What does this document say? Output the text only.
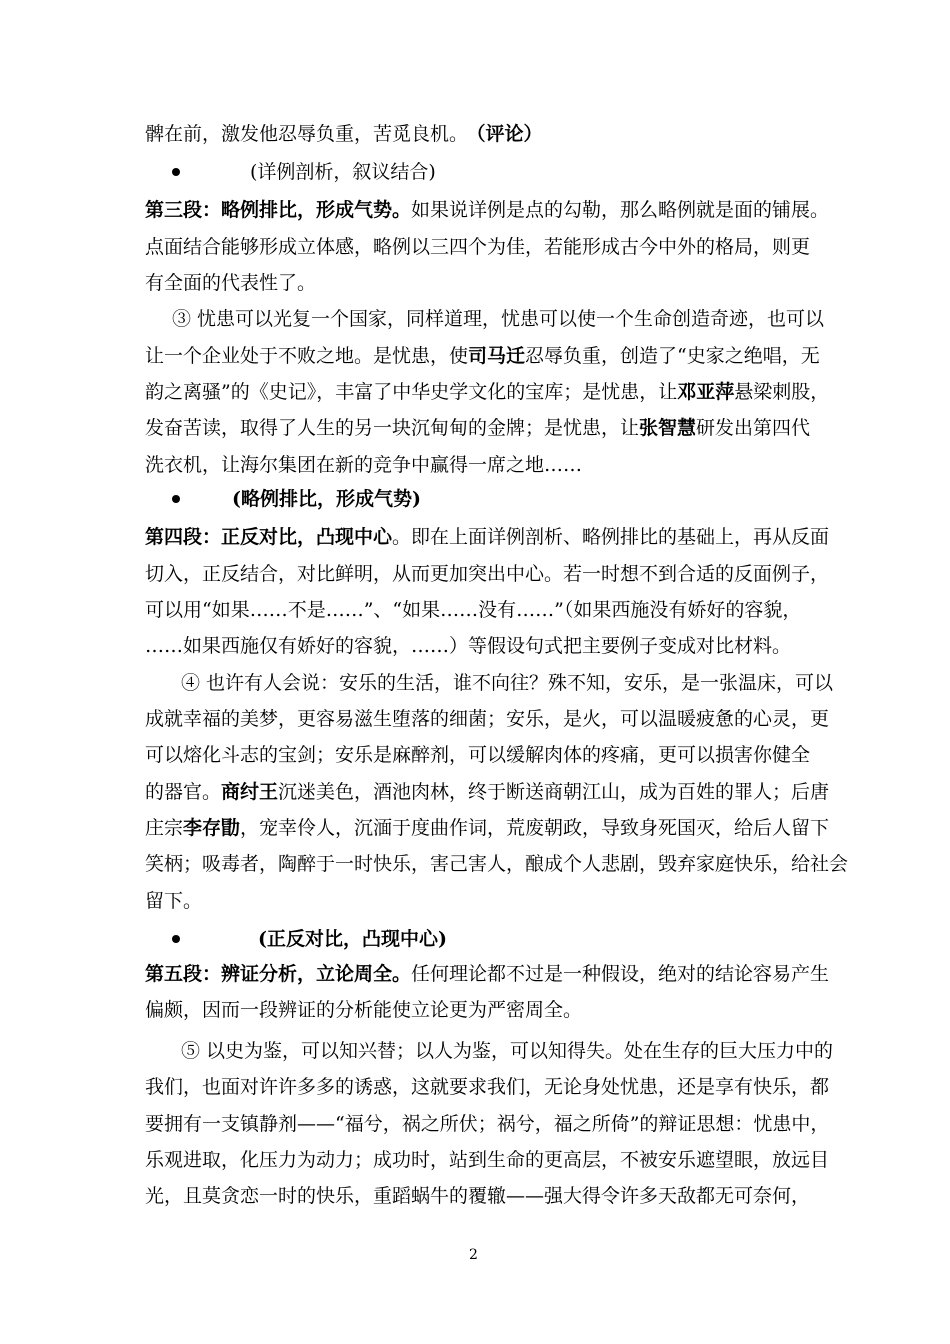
髀在前，激发他忍辱负重，苦觅良机。 （评论）
(详例剖析，叙议结合)
第三段：略例排比，形成气势。如果说详例是点的勾勒，那么略例就是面的铺展。
点面结合能够形成立体感，略例以三四个为佳，若能形成古今中外的格局，则更
有全面的代表性了。
③ 忧患可以光复一个国家，同样道理，忧患可以使一个生命创造奇迹，也可以
让一个企业处于不败之地。是忧患，使司马迁忍辱负重，创造了“史家之绝唱，无
韵之离骚”的《史记》，丰富了中华史学文化的宝库；是忧患，让邓亚萍悬梁刺股，
发奋苦读，取得了人生的另一块沉甸甸的金牌；是忧患，让张智慧研发出第四代
洗衣机，让海尔集团在新的竞争中赢得一席之地……
(略例排比，形成气势)
第四段：正反对比，凸现中心。即在上面详例剖析、略例排比的基础上，再从反面
切入，正反结合，对比鲜明，从而更加突出中心。若一时想不到合适的反面例子，
可以用“如果……不是……”、“如果……没有……”（如果西施没有娇好的容貌，
……如果西施仅有娇好的容貌，……）等假设句式把主要例子变成对比材料。
④ 也许有人会说：安乐的生活，谁不向往？殊不知，安乐，是一张温床，可以
成就幸福的美梦，更容易滋生堕落的细菌；安乐，是火，可以温暖疲惫的心灵，更
可以熔化斗志的宝剑；安乐是麻醉剂，可以缓解肉体的疼痛，更可以损害你健全
的器官。商纣王沉迷美色，酒池肉林，终于断送商朝江山，成为百姓的罪人；后唐
庄宗李存勖，宠幸伶人，沉湎于度曲作词，荒废朝政，导致身死国灭，给后人留下
笑柄；吸毒者，陶醉于一时快乐，害己害人，酿成个人悲剧，毁弃家庭快乐，给社会
留下。
(正反对比，凸现中心)
第五段：辨证分析，立论周全。任何理论都不过是一种假设，绝对的结论容易产生
偏颇，因而一段辨证的分析能使立论更为严密周全。
⑤ 以史为鉴，可以知兴替；以人为鉴，可以知得失。处在生存的巨大压力中的
我们，也面对许许多多的诱惑，这就要求我们，无论身处忧患，还是享有快乐，都
要拥有一支镇静剂——“福兮，祸之所伏；祸兮，福之所倚”的辩证思想：忧患中，
乐观进取，化压力为动力；成功时，站到生命的更高层，不被安乐遮望眼，放远目
光，且莫贪恋一时的快乐，重蹈蜗牛的覆辙——强大得令许多天敌都无可奈何，
2
